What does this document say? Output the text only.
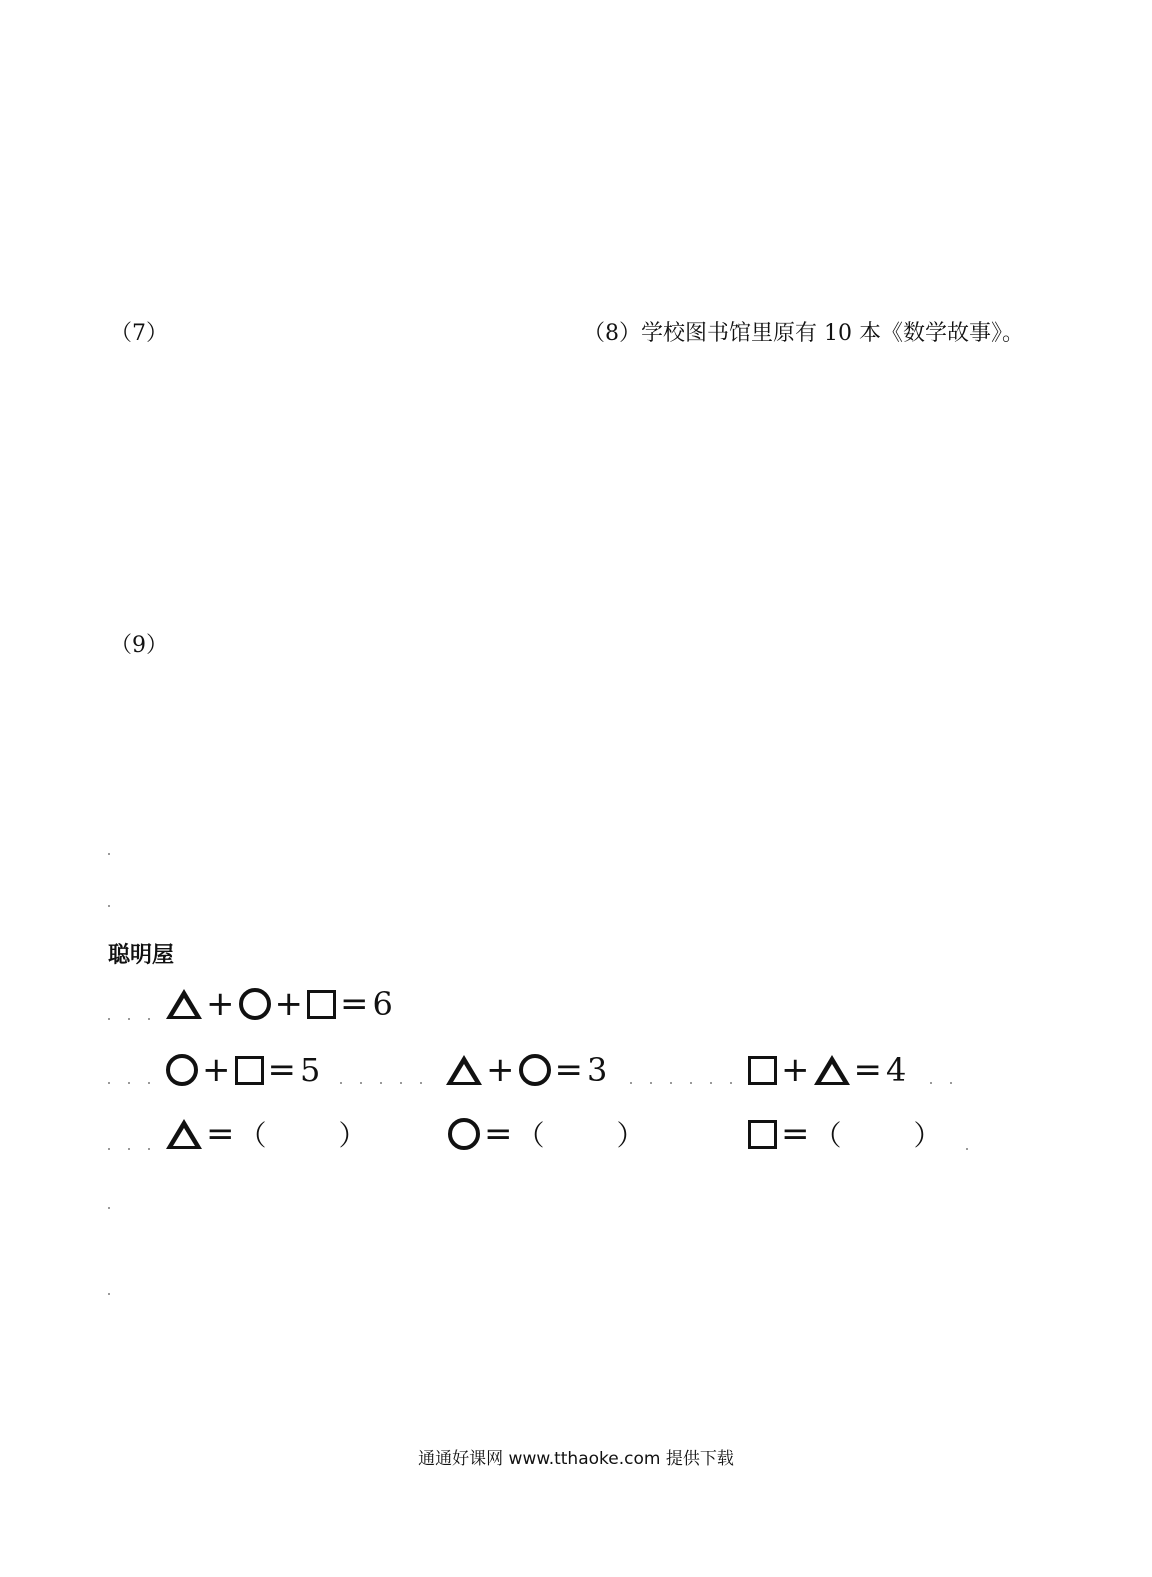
（7）	（8）学校图书馆里原有 10 本《数学故事》。
（9）
聪明屋
+ + = 6
+ = 5	+ = 3	+ = 4
= （	）	= （	）	= （	）
通通好课网 www.tthaoke.com 提供下载
